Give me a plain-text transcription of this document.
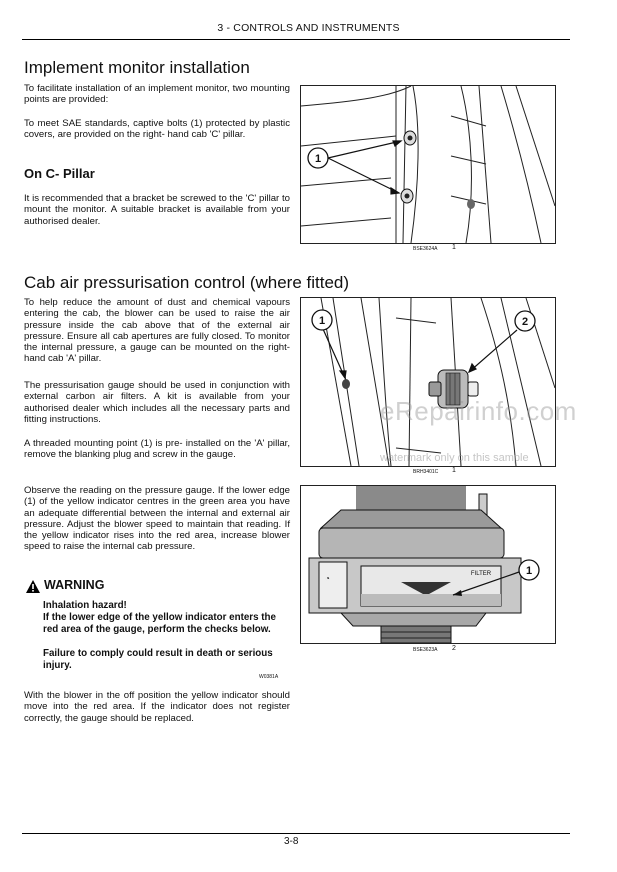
3 - CONTROLS AND INSTRUMENTS
Implement monitor installation

To facilitate installation of an implement monitor, two mounting points are provided:

To meet SAE standards, captive bolts (1) protected by plastic covers, are provided on the right- hand cab 'C' pillar.

On C- Pillar

It is recommended that a bracket be screwed to the 'C' pillar to mount the monitor. A suitable bracket is available from your authorised dealer.

1
BSE3624A 1
Cab air pressurisation control (where fitted)

To help reduce the amount of dust and chemical vapours entering the cab, the blower can be used to raise the air pressure inside the cab above that of the external air pressure. Ensure all cab apertures are fully closed. To monitor the internal pressure, a gauge can be mounted on the right- hand cab 'A' pillar.

The pressurisation gauge should be used in conjunction with external carbon air filters. A kit is available from your authorised dealer which includes all the necessary parts and fitting instructions.

A threaded mounting point (1) is pre- installed on the 'A' pillar, remove the blanking plug and screw in the gauge.

1	2
BRH3401C 1
eRepairinfo.com
watermark only on this sample

Observe the reading on the pressure gauge. If the lower edge (1) of the yellow indicator centres in the green area you have an adequate differential between the internal and external air pressure. Adjust the blower speed to maintain that reading. If the yellow indicator rises into the red area, increase blower speed to raise the internal cab pressure.

WARNING

Inhalation hazard!

If the lower edge of the yellow indicator enters the red area of the gauge, perform the checks below.

Failure to comply could result in death or serious injury.

W0381A
◔	FILTER	1
BSE3623A 2

With the blower in the off position the yellow indicator should move into the red area. If the indicator does not register correctly, the gauge should be replaced.

3-8
